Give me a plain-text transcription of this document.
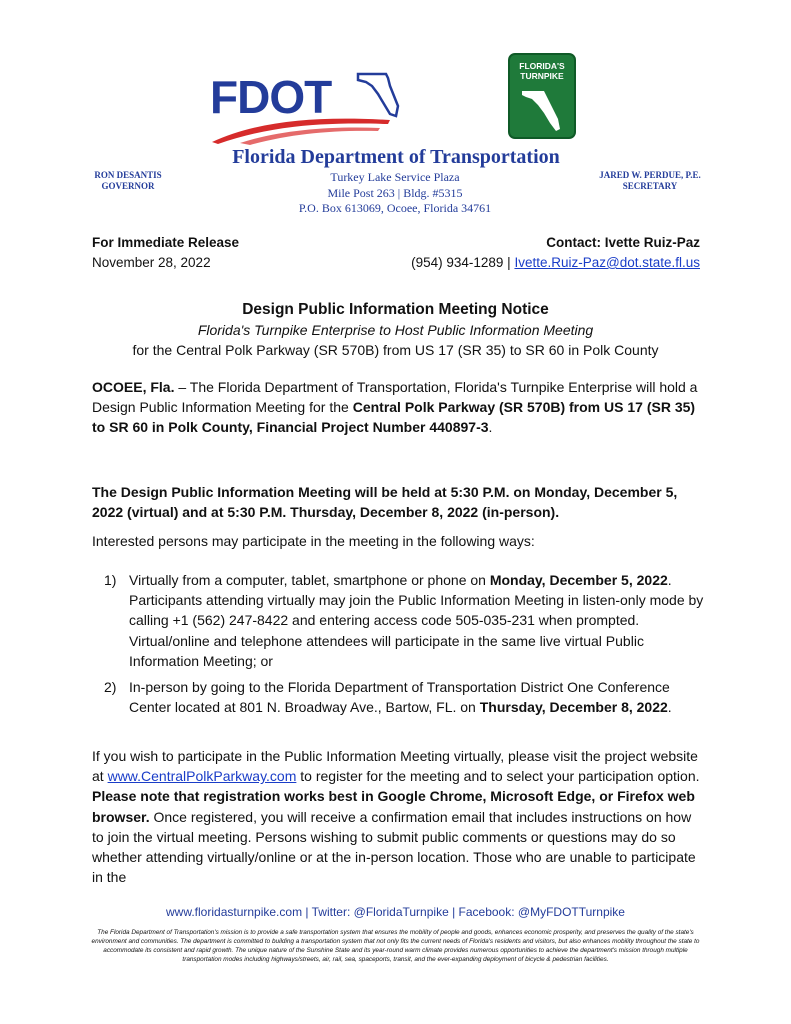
FDOT
FLORIDA'S
TURNPIKE
Florida Department of Transportation
RON DESANTIS
GOVERNOR
Turkey Lake Service Plaza
Mile Post 263 | Bldg. #5315
P.O. Box 613069, Ocoee, Florida 34761
JARED W. PERDUE, P.E.
SECRETARY
For Immediate Release
November 28, 2022
Contact: Ivette Ruiz-Paz
(954) 934-1289 | Ivette.Ruiz-Paz@dot.state.fl.us
Design Public Information Meeting Notice
Florida's Turnpike Enterprise to Host Public Information Meeting
for the Central Polk Parkway (SR 570B) from US 17 (SR 35) to SR 60 in Polk County
OCOEE, Fla. – The Florida Department of Transportation, Florida's Turnpike Enterprise will hold a Design Public Information Meeting for the Central Polk Parkway (SR 570B) from US 17 (SR 35) to SR 60 in Polk County, Financial Project Number 440897-3.
The Design Public Information Meeting will be held at 5:30 P.M. on Monday, December 5, 2022 (virtual) and at 5:30 P.M. Thursday, December 8, 2022 (in-person).
Interested persons may participate in the meeting in the following ways:
1) Virtually from a computer, tablet, smartphone or phone on Monday, December 5, 2022. Participants attending virtually may join the Public Information Meeting in listen-only mode by calling +1 (562) 247-8422 and entering access code 505-035-231 when prompted. Virtual/online and telephone attendees will participate in the same live virtual Public Information Meeting; or
2) In-person by going to the Florida Department of Transportation District One Conference Center located at 801 N. Broadway Ave., Bartow, FL. on Thursday, December 8, 2022.
If you wish to participate in the Public Information Meeting virtually, please visit the project website at www.CentralPolkParkway.com to register for the meeting and to select your participation option. Please note that registration works best in Google Chrome, Microsoft Edge, or Firefox web browser. Once registered, you will receive a confirmation email that includes instructions on how to join the virtual meeting. Persons wishing to submit public comments or questions may do so whether attending virtually/online or at the in-person location. Those who are unable to participate in the
www.floridasturnpike.com | Twitter: @FloridaTurnpike | Facebook: @MyFDOTTurnpike
The Florida Department of Transportation's mission is to provide a safe transportation system that ensures the mobility of people and goods, enhances economic prosperity, and preserves the quality of the state's environment and communities. The department is committed to building a transportation system that not only fits the current needs of Florida's residents and visitors, but also enhances mobility throughout the state to accommodate its consistent and rapid growth. The unique nature of the Sunshine State and its year-round warm climate provides numerous opportunities to achieve the department's mission through multiple transportation modes including highways/streets, air, rail, sea, spaceports, transit, and the ever-expanding deployment of bicycle & pedestrian facilities.
